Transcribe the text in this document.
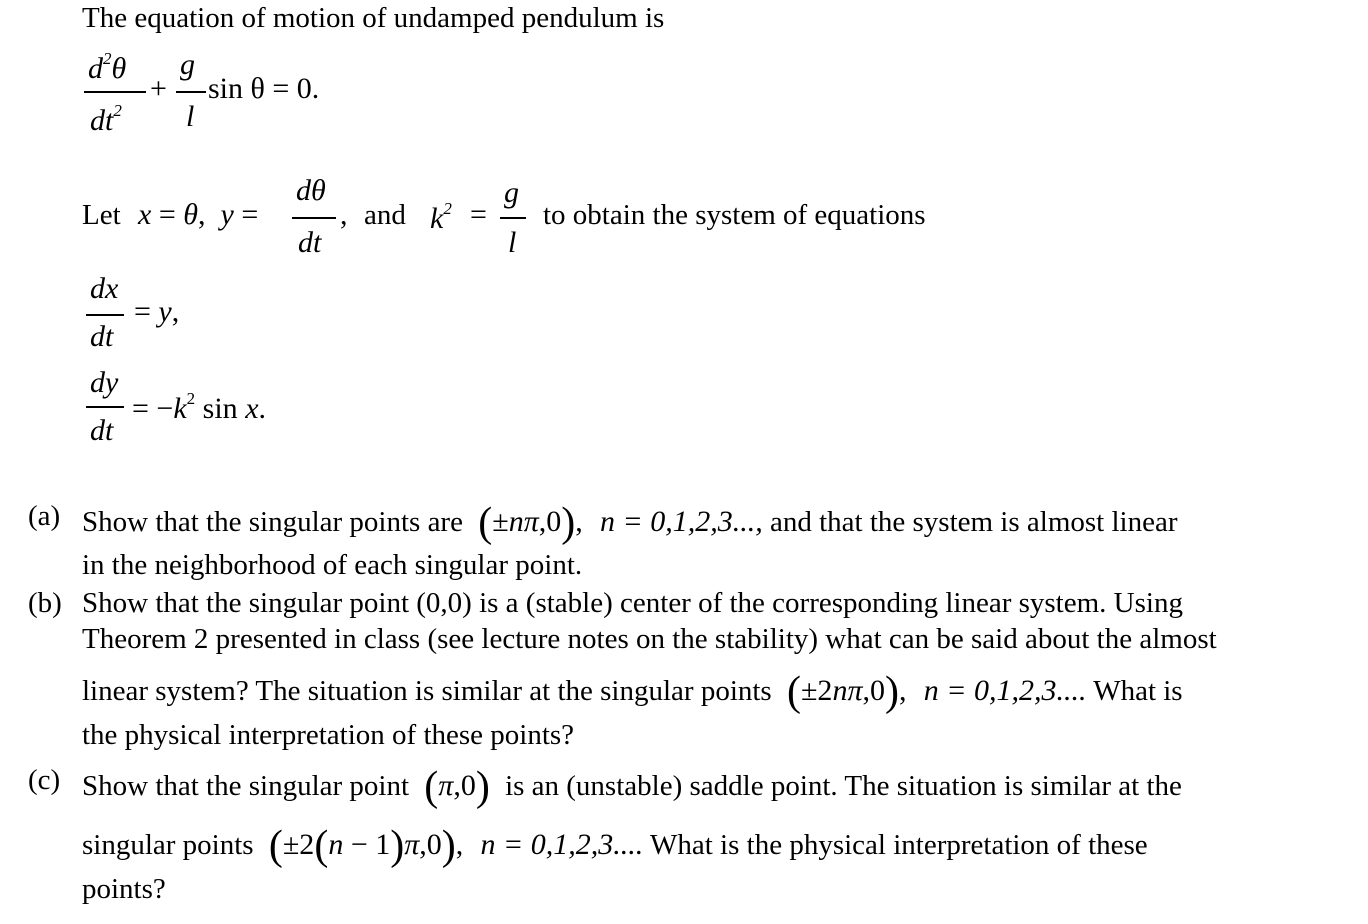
The equation of motion of undamped pendulum is
$d^2\theta$
$dt^2$
+
g
l
sin θ = 0.
Let x = θ,  y =
dθ
dt
, and $k^2$ =
g
l
to obtain the system of equations
dx
dt
= y,
dy
dt
= $-k^2$ sin x.
(a) Show that the singular points are (±nπ,0), n = 0,1,2,3..., and that the system is almost linear
in the neighborhood of each singular point.
(b) Show that the singular point (0,0) is a (stable) center of the corresponding linear system. Using
Theorem 2 presented in class (see lecture notes on the stability) what can be said about the almost
linear system? The situation is similar at the singular points (±2nπ,0), n = 0,1,2,3.... What is
the physical interpretation of these points?
(c) Show that the singular point (π,0) is an (unstable) saddle point. The situation is similar at the
singular points (±2(n − 1)π,0), n = 0,1,2,3.... What is the physical interpretation of these
points?
